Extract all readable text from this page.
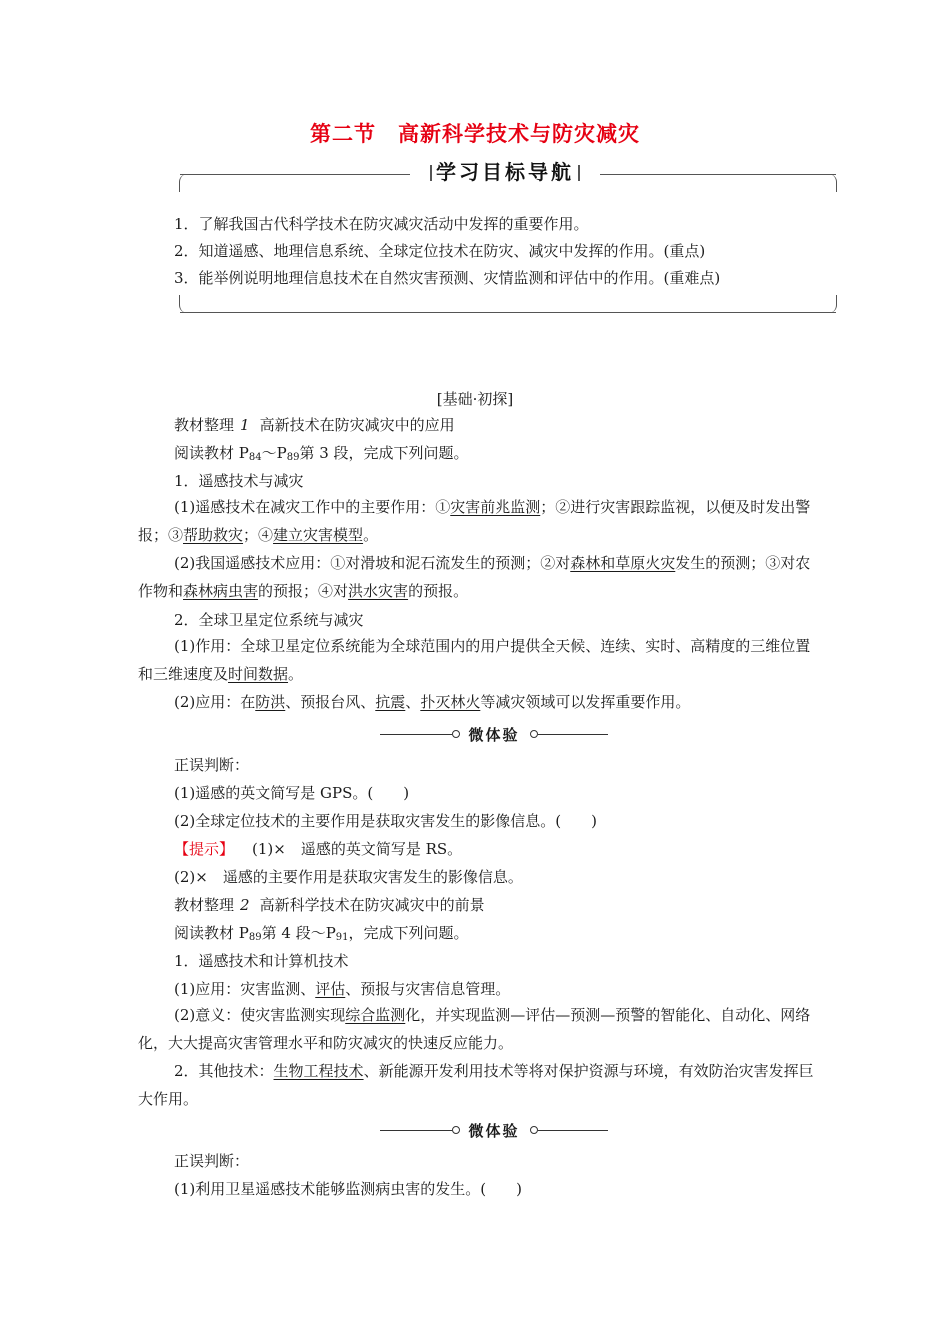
第二节 高新科学技术与防灾减灾
学习目标导航
1．了解我国古代科学技术在防灾减灾活动中发挥的重要作用。
2．知道遥感、地理信息系统、全球定位技术在防灾、减灾中发挥的作用。(重点)
3．能举例说明地理信息技术在自然灾害预测、灾情监测和评估中的作用。(重难点)
[基础·初探]
教材整理 1 高新技术在防灾减灾中的应用
阅读教材 $P_{84}\sim P_{89}$第 3 段，完成下列问题。
1．遥感技术与减灾
(1)遥感技术在减灾工作中的主要作用：①灾害前兆监测；②进行灾害跟踪监视，以便及时发出警报；③帮助救灾；④建立灾害模型。
(2)我国遥感技术应用：①对滑坡和泥石流发生的预测；②对森林和草原火灾发生的预测；③对农作物和森林病虫害的预报；④对洪水灾害的预报。
2．全球卫星定位系统与减灾
(1)作用：全球卫星定位系统能为全球范围内的用户提供全天候、连续、实时、高精度的三维位置和三维速度及时间数据。
(2)应用：在防洪、预报台风、抗震、扑灭林火等减灾领域可以发挥重要作用。
微体验
正误判断：
(1)遥感的英文简写是 GPS。(　　)
(2)全球定位技术的主要作用是获取灾害发生的影像信息。(　　)
【提示】 (1)×　遥感的英文简写是 RS。
(2)×　遥感的主要作用是获取灾害发生的影像信息。
教材整理 2 高新科学技术在防灾减灾中的前景
阅读教材 $P_{89}$第 4 段$\sim P_{91}$，完成下列问题。
1．遥感技术和计算机技术
(1)应用：灾害监测、评估、预报与灾害信息管理。
(2)意义：使灾害监测实现综合监测化，并实现监测—评估—预测—预警的智能化、自动化、网络化，大大提高灾害管理水平和防灾减灾的快速反应能力。
2．其他技术：生物工程技术、新能源开发利用技术等将对保护资源与环境，有效防治灾害发挥巨大作用。
微体验
正误判断：
(1)利用卫星遥感技术能够监测病虫害的发生。(　　)
